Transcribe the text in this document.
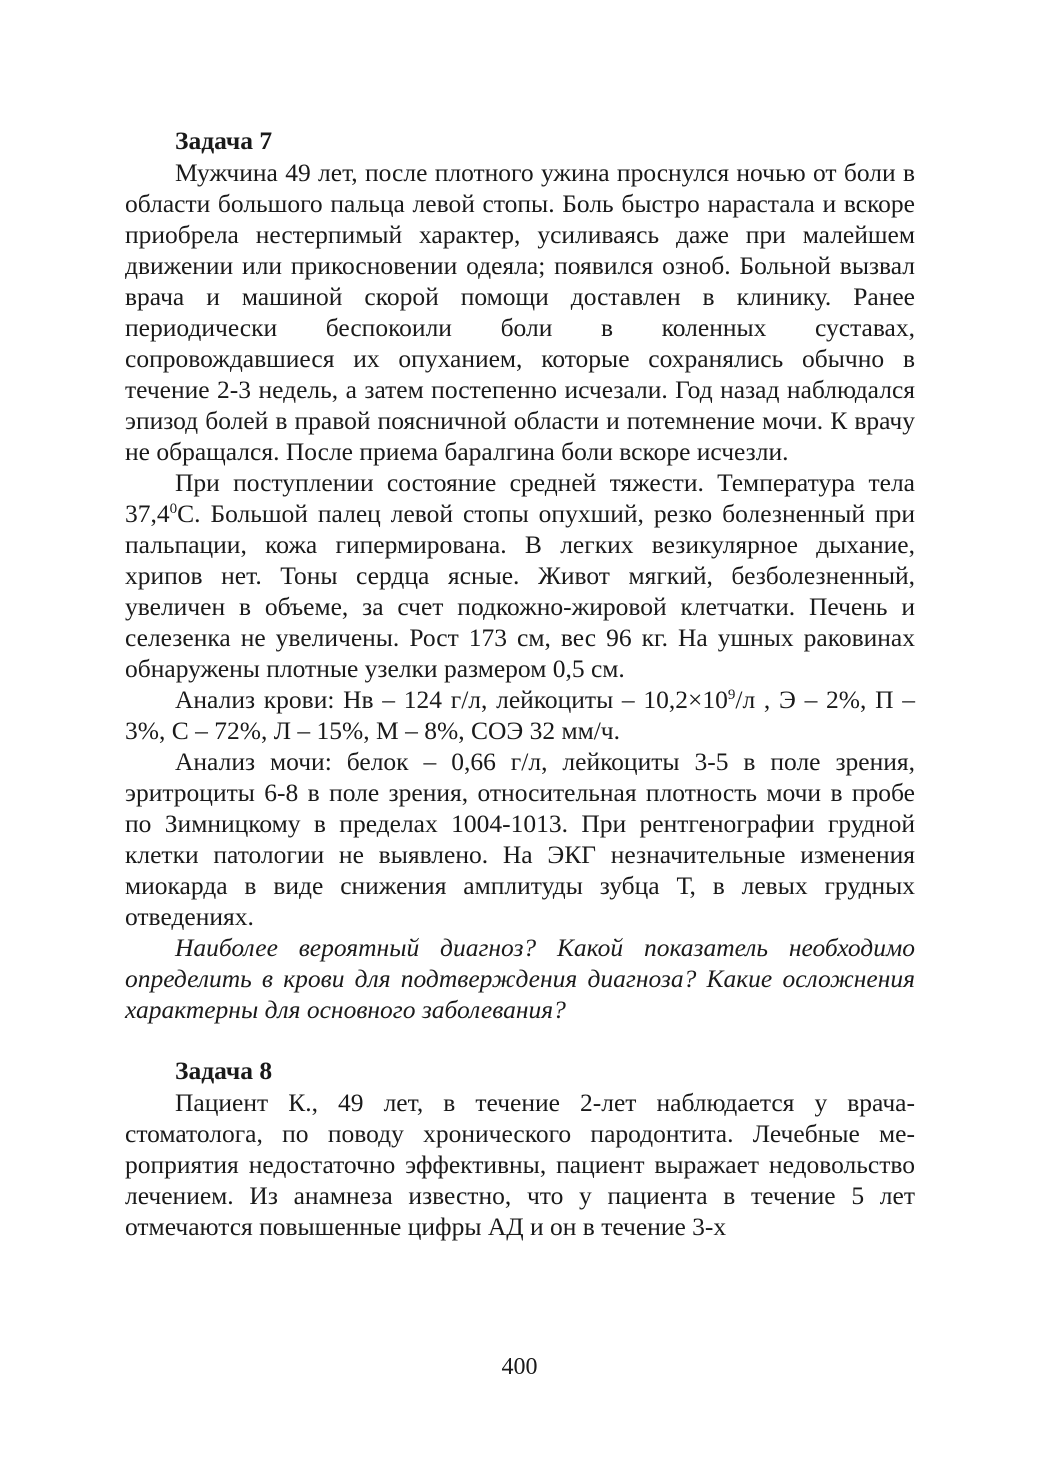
Задача 7

Мужчина 49 лет, после плотного ужина проснулся ночью от боли в области большого пальца левой стопы. Боль быстро нарастала и вскоре приобрела нестерпимый характер, усиливаясь даже при малейшем движении или прикосновении одеяла; появился озноб. Больной вызвал врача и машиной скорой помощи доставлен в клинику. Ранее периодически беспокоили боли в коленных суставах, сопровождавшиеся их опуханием, которые сохранялись обычно в течение 2-3 недель, а затем постепенно исчезали. Год назад наблюдался эпизод болей в правой поясничной области и потемнение мочи. К врачу не обращался. После приема баралгина боли вскоре исчезли.

При поступлении состояние средней тяжести. Температура тела 37,4$^0$С. Большой палец левой стопы опухший, резко болезненный при пальпации, кожа гипермирована. В легких везикулярное дыхание, хрипов нет. Тоны сердца ясные. Живот мягкий, безболезненный, увеличен в объеме, за счет подкожно-жировой клетчатки. Печень и селезенка не увеличены. Рост 173 см, вес 96 кг. На ушных раковинах обнаружены плотные узелки размером 0,5 см.

Анализ крови: Нв – 124 г/л, лейкоциты – $10,2\times 10^9/л$ , Э – 2%, П – 3%, С – 72%, Л – 15%, М – 8%, СОЭ 32 мм/ч.

Анализ мочи: белок – 0,66 г/л, лейкоциты 3-5 в поле зрения, эритроциты 6-8 в поле зрения, относительная плотность мочи в пробе по Зимницкому в пределах 1004-1013. При рентгенографии грудной клетки патологии не выявлено. На ЭКГ незначительные изменения миокарда в виде снижения амплитуды зубца Т, в левых грудных отведениях.

Наиболее вероятный диагноз? Какой показатель необходимо определить в крови для подтверждения диагноза? Какие осложнения характерны для основного заболевания?

Задача 8

Пациент К., 49 лет, в течение 2-лет наблюдается у врача-стоматолога, по поводу хронического пародонтита. Лечебные мероприятия недостаточно эффективны, пациент выражает недовольство лечением. Из анамнеза известно, что у пациента в течение 5 лет отмечаются повышенные цифры АД и он в течение 3-х

400
